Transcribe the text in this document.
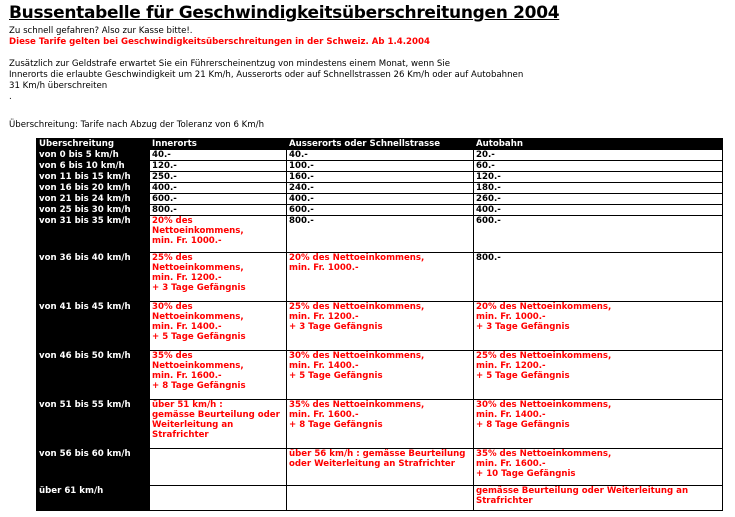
Bussentabelle für Geschwindigkeitsüberschreitungen 2004
Zu schnell gefahren? Also zur Kasse bitte!.
Diese Tarife gelten bei Geschwindigkeitsüberschreitungen in der Schweiz. Ab 1.4.2004
Zusätzlich zur Geldstrafe erwartet Sie ein Führerscheinentzug von mindestens einem Monat, wenn Sie
Innerorts die erlaubte Geschwindigkeit um 21 Km/h, Ausserorts oder auf Schnellstrassen 26 Km/h oder auf Autobahnen
31 Km/h überschreiten
.
Überschreitung: Tarife nach Abzug der Toleranz von 6 Km/h
Überschreitung	Innerorts	Ausserorts oder Schnellstrasse	Autobahn
von 0 bis 5 km/h	40.-	40.-	20.-

von 6 bis 10 km/h	120.-	100.-	60.-

von 11 bis 15 km/h	250.-	160.-	120.-

von 16 bis 20 km/h	400.-	240.-	180.-

von 21 bis 24 km/h	600.-	400.-	260.-

von 25 bis 30 km/h	800.-	600.-	400.-

von 31 bis 35 km/h	20% des
Nettoeinkommens,
min. Fr. 1000.-	800.-	600.-

von 36 bis 40 km/h	25% des
Nettoeinkommens,
min. Fr. 1200.-
+ 3 Tage Gefängnis	20% des Nettoeinkommens,
min. Fr. 1000.-	800.-

von 41 bis 45 km/h	30% des
Nettoeinkommens,
min. Fr. 1400.-
+ 5 Tage Gefängnis	25% des Nettoeinkommens,
min. Fr. 1200.-
+ 3 Tage Gefängnis	20% des Nettoeinkommens,
min. Fr. 1000.-
+ 3 Tage Gefängnis

von 46 bis 50 km/h	35% des
Nettoeinkommens,
min. Fr. 1600.-
+ 8 Tage Gefängnis	30% des Nettoeinkommens,
min. Fr. 1400.-
+ 5 Tage Gefängnis	25% des Nettoeinkommens,
min. Fr. 1200.-
+ 5 Tage Gefängnis

von 51 bis 55 km/h	über 51 km/h :
gemässe Beurteilung oder
Weiterleitung an
Strafrichter	35% des Nettoeinkommens,
min. Fr. 1600.-
+ 8 Tage Gefängnis	30% des Nettoeinkommens,
min. Fr. 1400.-
+ 8 Tage Gefängnis

von 56 bis 60 km/h		über 56 km/h : gemässe Beurteilung
oder Weiterleitung an Strafrichter	35% des Nettoeinkommens,
min. Fr. 1600.-
+ 10 Tage Gefängnis

über 61 km/h			gemässe Beurteilung oder Weiterleitung an
Strafrichter
